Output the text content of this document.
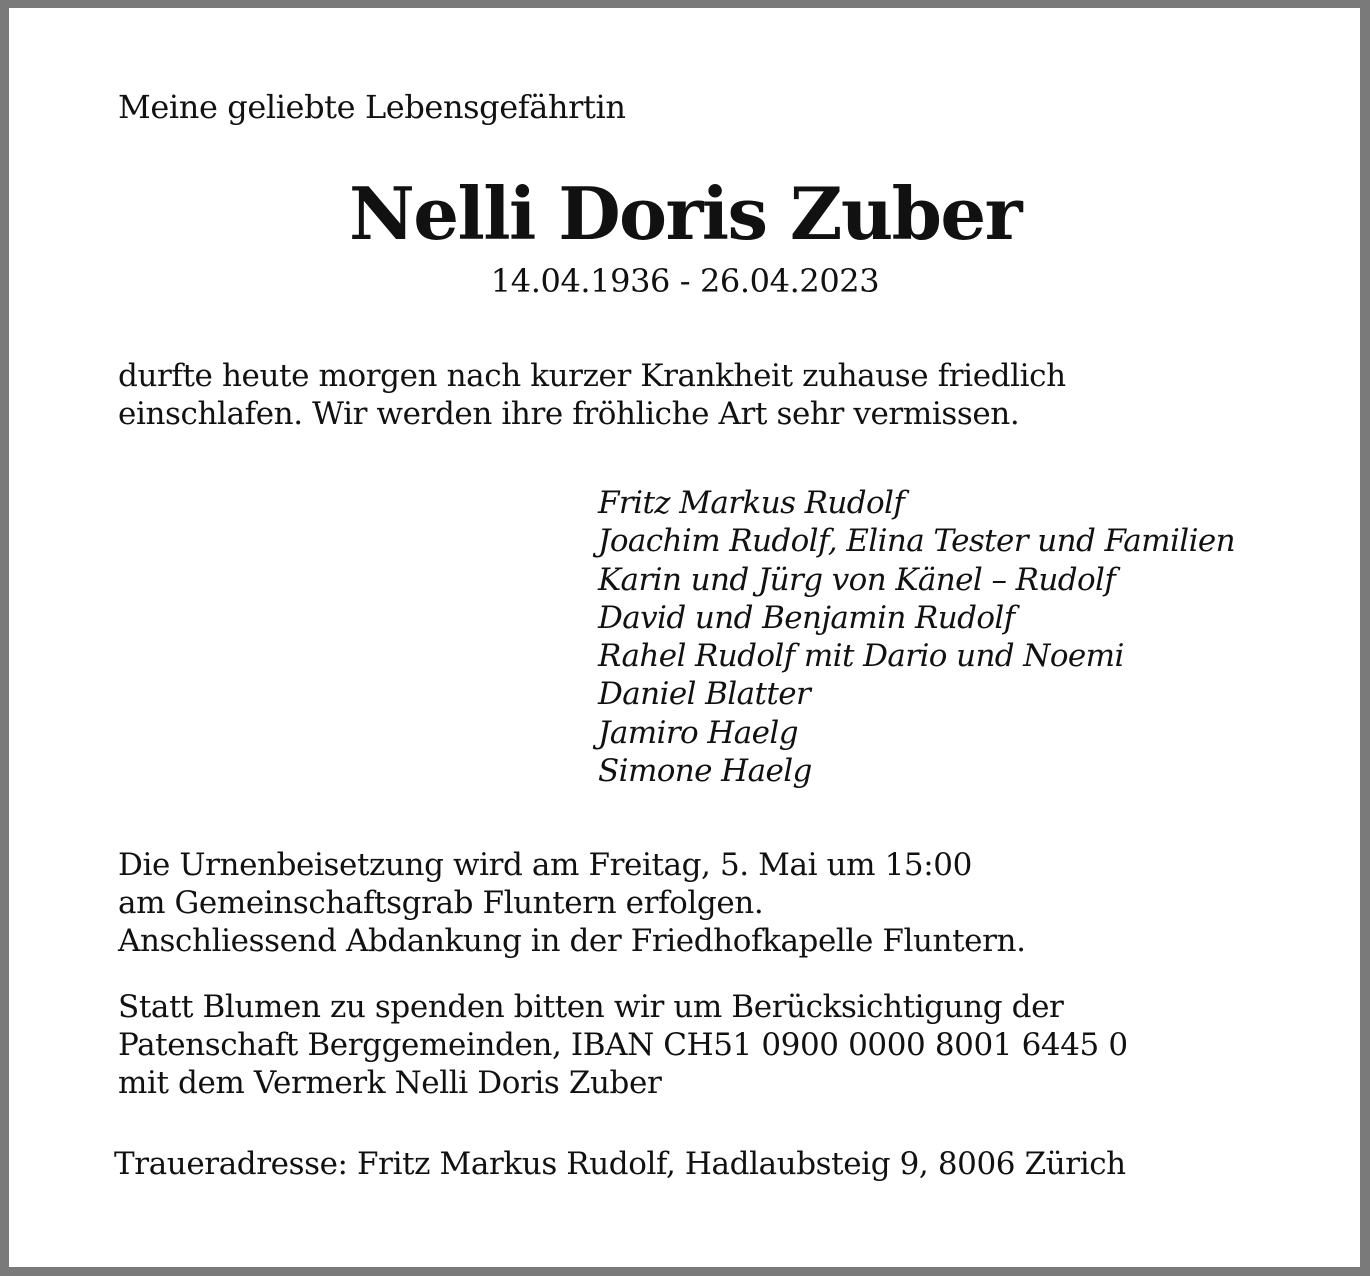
Meine geliebte Lebensgefährtin

Nelli Doris Zuber

14.04.1936 - 26.04.2023

durfte heute morgen nach kurzer Krankheit zuhause friedlich
einschlafen. Wir werden ihre fröhliche Art sehr vermissen.

Fritz Markus Rudolf
Joachim Rudolf, Elina Tester und Familien
Karin und Jürg von Känel – Rudolf
David und Benjamin Rudolf
Rahel Rudolf mit Dario und Noemi
Daniel Blatter
Jamiro Haelg
Simone Haelg

Die Urnenbeisetzung wird am Freitag, 5. Mai um 15:00
am Gemeinschaftsgrab Fluntern erfolgen.
Anschliessend Abdankung in der Friedhofkapelle Fluntern.

Statt Blumen zu spenden bitten wir um Berücksichtigung der
Patenschaft Berggemeinden, IBAN CH51 0900 0000 8001 6445 0
mit dem Vermerk Nelli Doris Zuber

Traueradresse: Fritz Markus Rudolf, Hadlaubsteig 9, 8006 Zürich
